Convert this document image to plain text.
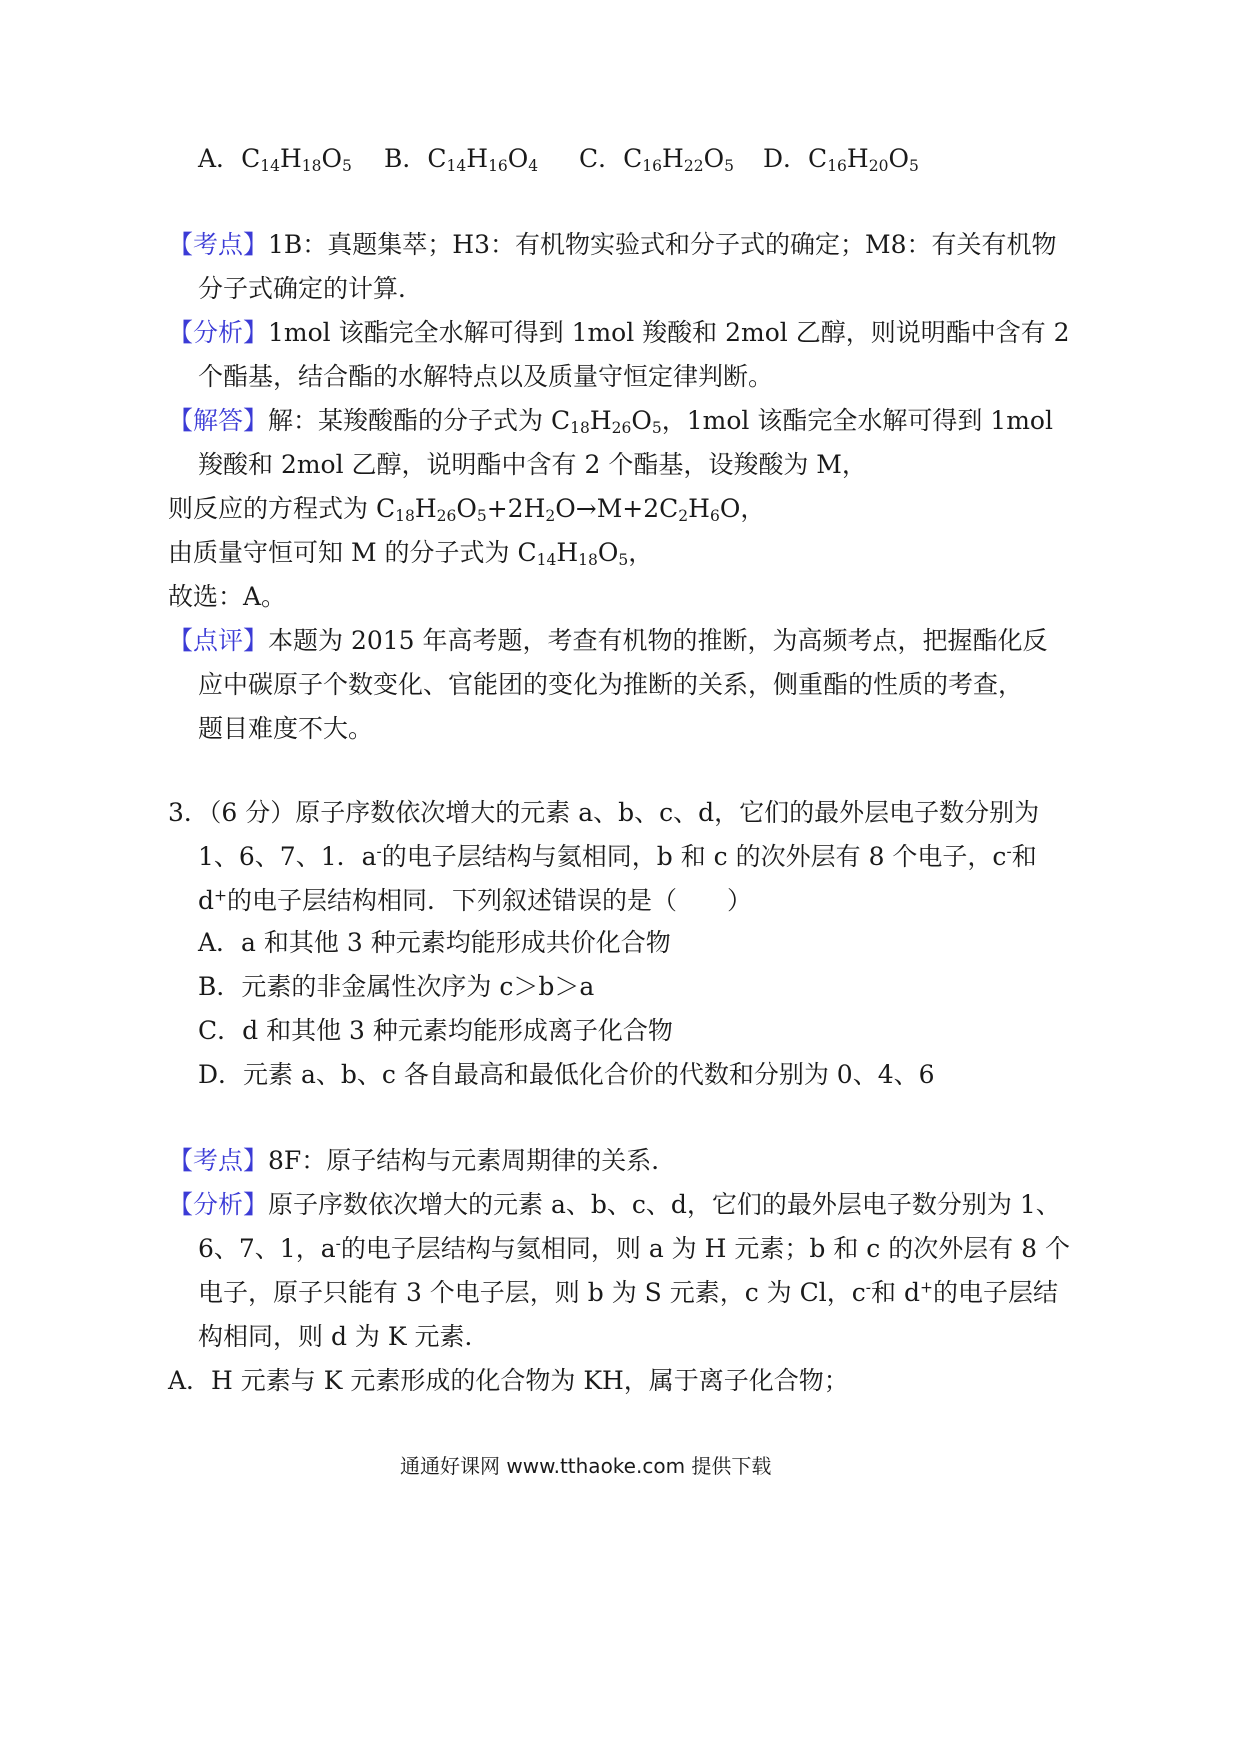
A．$C_{14}H_{18}O_5$ B．$C_{14}H_{16}O_4$ C．$C_{16}H_{22}O_5$ D．$C_{16}H_{20}O_5$
【考点】1B：真题集萃；H3：有机物实验式和分子式的确定；M8：有关有机物
分子式确定的计算．
【分析】1mol 该酯完全水解可得到 1mol 羧酸和 2mol 乙醇，则说明酯中含有 2
个酯基，结合酯的水解特点以及质量守恒定律判断。
【解答】解：某羧酸酯的分子式为 $C_{18}H_{26}O_5$，1mol 该酯完全水解可得到 1mol
羧酸和 2mol 乙醇，说明酯中含有 2 个酯基，设羧酸为 M，
则反应的方程式为 $C_{18}H_{26}O_5+2H_2O\to M+2C_2H_6O$，
由质量守恒可知 M 的分子式为 $C_{14}H_{18}O_5$，
故选：A。
【点评】本题为 2015 年高考题，考查有机物的推断，为高频考点，把握酯化反
应中碳原子个数变化、官能团的变化为推断的关系，侧重酯的性质的考查，
题目难度不大。
3．（6 分）原子序数依次增大的元素 a、b、c、d，它们的最外层电子数分别为
1、6、7、1．a-的电子层结构与氦相同，b 和 c 的次外层有 8 个电子，c-和
d+的电子层结构相同．下列叙述错误的是（　　）
A．a 和其他 3 种元素均能形成共价化合物
B．元素的非金属性次序为 c＞b＞a
C．d 和其他 3 种元素均能形成离子化合物
D．元素 a、b、c 各自最高和最低化合价的代数和分别为 0、4、6
【考点】8F：原子结构与元素周期律的关系．
【分析】原子序数依次增大的元素 a、b、c、d，它们的最外层电子数分别为 1、
6、7、1，a-的电子层结构与氦相同，则 a 为 H 元素；b 和 c 的次外层有 8 个
电子，原子只能有 3 个电子层，则 b 为 S 元素，c 为 Cl，c-和 d+的电子层结
构相同，则 d 为 K 元素．
A．H 元素与 K 元素形成的化合物为 KH，属于离子化合物；
通通好课网 www.tthaoke.com 提供下载
